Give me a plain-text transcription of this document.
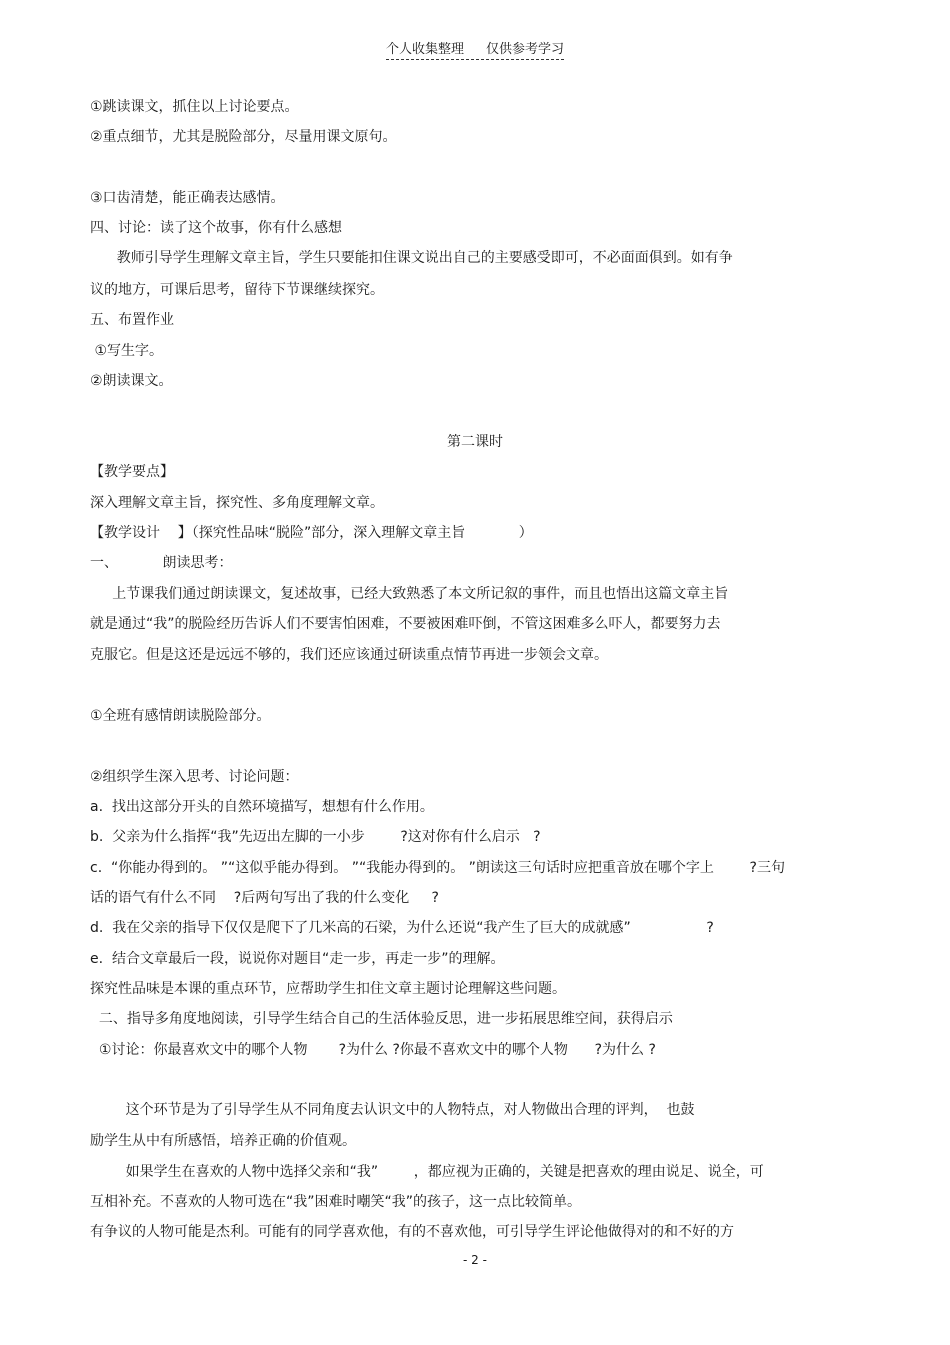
个人收集整理 仅供参考学习
①跳读课文，抓住以上讨论要点。
②重点细节，尤其是脱险部分，尽量用课文原句。
③口齿清楚，能正确表达感情。
四、讨论：读了这个故事，你有什么感想
教师引导学生理解文章主旨，学生只要能扣住课文说出自己的主要感受即可，不必面面俱到。如有争
议的地方，可课后思考，留待下节课继续探究。
五、布置作业
①写生字。
②朗读课文。
第二课时
【教学要点】
深入理解文章主旨，探究性、多角度理解文章。
【教学设计    】（探究性品味“脱险”部分，深入理解文章主旨            ）
一、          朗读思考：
上节课我们通过朗读课文，复述故事，已经大致熟悉了本文所记叙的事件，而且也悟出这篇文章主旨
就是通过“我”的脱险经历告诉人们不要害怕困难，不要被困难吓倒，不管这困难多么吓人，都要努力去
克服它。但是这还是远远不够的，我们还应该通过研读重点情节再进一步领会文章。
①全班有感情朗读脱险部分。
②组织学生深入思考、讨论问题：
a.  找出这部分开头的自然环境描写，想想有什么作用。
b.  父亲为什么指挥“我”先迈出左脚的一小步        ?这对你有什么启示   ?
c.  “你能办得到的。 ”“这似乎能办得到。 ”“我能办得到的。 ”朗读这三句话时应把重音放在哪个字上        ?三句
话的语气有什么不同    ?后两句写出了我的什么变化     ?
d.  我在父亲的指导下仅仅是爬下了几米高的石梁，为什么还说“我产生了巨大的成就感”                 ?
e.  结合文章最后一段，说说你对题目“走一步，再走一步”的理解。
探究性品味是本课的重点环节，应帮助学生扣住文章主题讨论理解这些问题。
二、指导多角度地阅读，引导学生结合自己的生活体验反思，进一步拓展思维空间，获得启示
①讨论：你最喜欢文中的哪个人物       ?为什么 ?你最不喜欢文中的哪个人物      ?为什么 ?
这个环节是为了引导学生从不同角度去认识文中的人物特点，对人物做出合理的评判，  也鼓
励学生从中有所感悟，培养正确的价值观。
如果学生在喜欢的人物中选择父亲和“我”        ，都应视为正确的，关键是把喜欢的理由说足、说全，可
互相补充。不喜欢的人物可选在“我”困难时嘲笑“我”的孩子，这一点比较简单。
有争议的人物可能是杰利。可能有的同学喜欢他，有的不喜欢他，可引导学生评论他做得对的和不好的方
- 2 -
